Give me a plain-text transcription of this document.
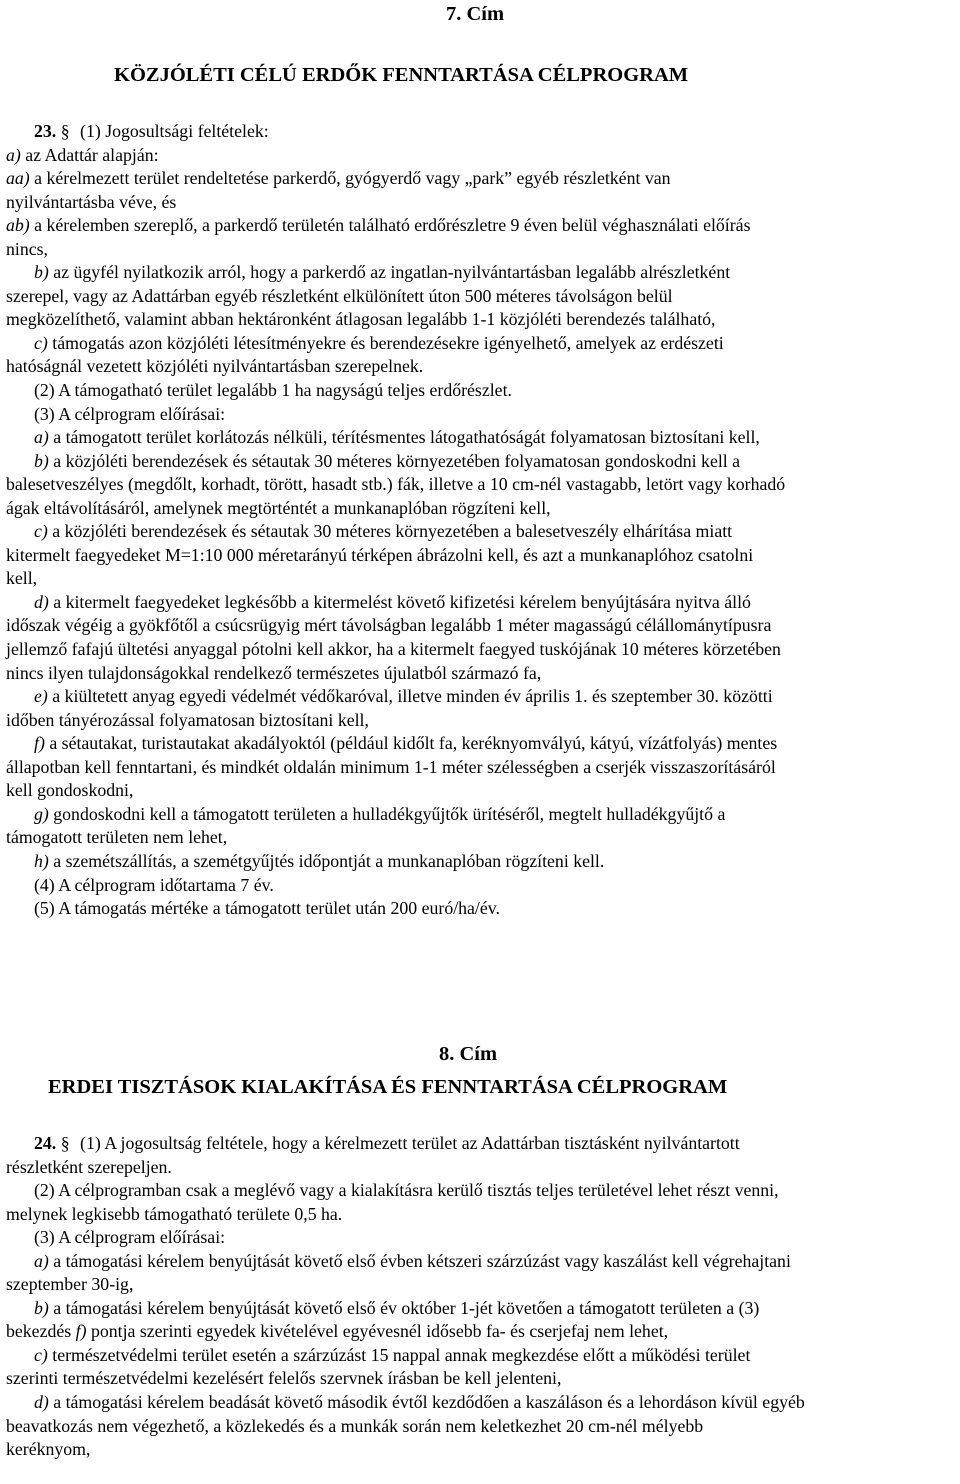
7. Cím
KÖZJÓLÉTI CÉLÚ ERDŐK FENNTARTÁSA CÉLPROGRAM
23. § (1) Jogosultsági feltételek:
a) az Adattár alapján:
aa) a kérelmezett terület rendeltetése parkerdő, gyógyerdő vagy „park” egyéb részletként van
nyilvántartásba véve, és
ab) a kérelemben szereplő, a parkerdő területén található erdőrészletre 9 éven belül véghasználati előírás
nincs,
b) az ügyfél nyilatkozik arról, hogy a parkerdő az ingatlan-nyilvántartásban legalább alrészletként
szerepel, vagy az Adattárban egyéb részletként elkülönített úton 500 méteres távolságon belül
megközelíthető, valamint abban hektáronként átlagosan legalább 1-1 közjóléti berendezés található,
c) támogatás azon közjóléti létesítményekre és berendezésekre igényelhető, amelyek az erdészeti
hatóságnál vezetett közjóléti nyilvántartásban szerepelnek.
(2) A támogatható terület legalább 1 ha nagyságú teljes erdőrészlet.
(3) A célprogram előírásai:
a) a támogatott terület korlátozás nélküli, térítésmentes látogathatóságát folyamatosan biztosítani kell,
b) a közjóléti berendezések és sétautak 30 méteres környezetében folyamatosan gondoskodni kell a
balesetveszélyes (megdőlt, korhadt, törött, hasadt stb.) fák, illetve a 10 cm-nél vastagabb, letört vagy korhadó
ágak eltávolításáról, amelynek megtörténtét a munkanaplóban rögzíteni kell,
c) a közjóléti berendezések és sétautak 30 méteres környezetében a balesetveszély elhárítása miatt
kitermelt faegyedeket M=1:10 000 méretarányú térképen ábrázolni kell, és azt a munkanaplóhoz csatolni
kell,
d) a kitermelt faegyedeket legkésőbb a kitermelést követő kifizetési kérelem benyújtására nyitva álló
időszak végéig a gyökfőtől a csúcsrügyig mért távolságban legalább 1 méter magasságú célállománytípusra
jellemző fafajú ültetési anyaggal pótolni kell akkor, ha a kitermelt faegyed tuskójának 10 méteres körzetében
nincs ilyen tulajdonságokkal rendelkező természetes újulatból származó fa,
e) a kiültetett anyag egyedi védelmét védőkaróval, illetve minden év április 1. és szeptember 30. közötti
időben tányérozással folyamatosan biztosítani kell,
f) a sétautakat, turistautakat akadályoktól (például kidőlt fa, keréknyomvályú, kátyú, vízátfolyás) mentes
állapotban kell fenntartani, és mindkét oldalán minimum 1-1 méter szélességben a cserjék visszaszorításáról
kell gondoskodni,
g) gondoskodni kell a támogatott területen a hulladékgyűjtők ürítéséről, megtelt hulladékgyűjtő a
támogatott területen nem lehet,
h) a szemétszállítás, a szemétgyűjtés időpontját a munkanaplóban rögzíteni kell.
(4) A célprogram időtartama 7 év.
(5) A támogatás mértéke a támogatott terület után 200 euró/ha/év.
8. Cím
ERDEI TISZTÁSOK KIALAKÍTÁSA ÉS FENNTARTÁSA CÉLPROGRAM
24. § (1) A jogosultság feltétele, hogy a kérelmezett terület az Adattárban tisztásként nyilvántartott
részletként szerepeljen.
(2) A célprogramban csak a meglévő vagy a kialakításra kerülő tisztás teljes területével lehet részt venni,
melynek legkisebb támogatható területe 0,5 ha.
(3) A célprogram előírásai:
a) a támogatási kérelem benyújtását követő első évben kétszeri szárzúzást vagy kaszálást kell végrehajtani
szeptember 30-ig,
b) a támogatási kérelem benyújtását követő első év október 1-jét követően a támogatott területen a (3)
bekezdés f) pontja szerinti egyedek kivételével egyévesnél idősebb fa- és cserjefaj nem lehet,
c) természetvédelmi terület esetén a szárzúzást 15 nappal annak megkezdése előtt a működési terület
szerinti természetvédelmi kezelésért felelős szervnek írásban be kell jelenteni,
d) a támogatási kérelem beadását követő második évtől kezdődően a kaszáláson és a lehordáson kívül egyéb
beavatkozás nem végezhető, a közlekedés és a munkák során nem keletkezhet 20 cm-nél mélyebb
keréknyom,
